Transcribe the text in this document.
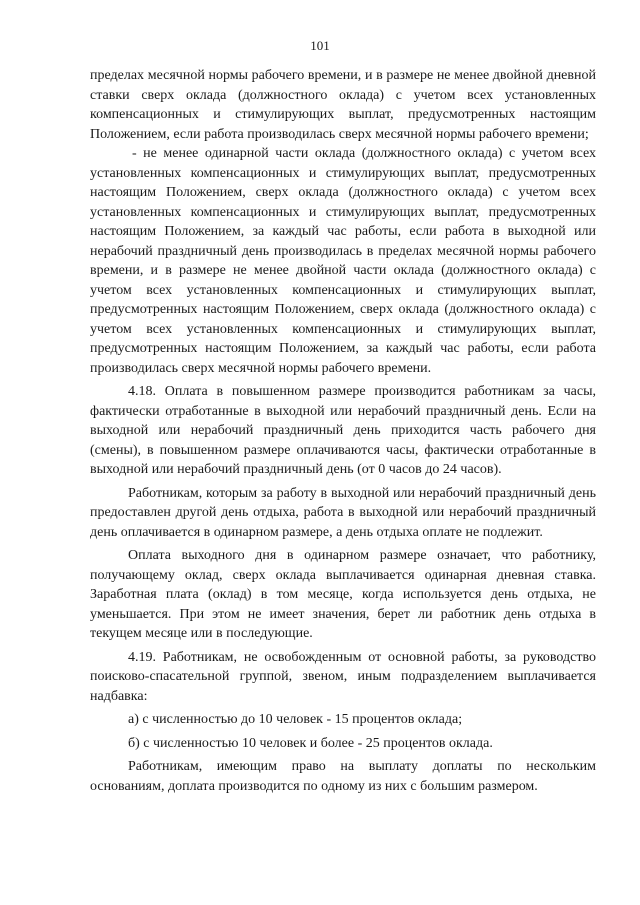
101

пределах месячной нормы рабочего времени, и в размере не менее двойной дневной ставки сверх оклада (должностного оклада) с учетом всех установленных компенсационных и стимулирующих выплат, предусмотренных настоящим Положением, если работа производилась сверх месячной нормы рабочего времени;

- не менее одинарной части оклада (должностного оклада) с учетом всех установленных компенсационных и стимулирующих выплат, предусмотренных настоящим Положением, сверх оклада (должностного оклада) с учетом всех установленных компенсационных и стимулирующих выплат, предусмотренных настоящим Положением, за каждый час работы, если работа в выходной или нерабочий праздничный день производилась в пределах месячной нормы рабочего времени, и в размере не менее двойной части оклада (должностного оклада) с учетом всех установленных компенсационных и стимулирующих выплат, предусмотренных настоящим Положением, сверх оклада (должностного оклада) с учетом всех установленных компенсационных и стимулирующих выплат, предусмотренных настоящим Положением, за каждый час работы, если работа производилась сверх месячной нормы рабочего времени.

4.18. Оплата в повышенном размере производится работникам за часы, фактически отработанные в выходной или нерабочий праздничный день. Если на выходной или нерабочий праздничный день приходится часть рабочего дня (смены), в повышенном размере оплачиваются часы, фактически отработанные в выходной или нерабочий праздничный день (от 0 часов до 24 часов).

Работникам, которым за работу в выходной или нерабочий праздничный день предоставлен другой день отдыха, работа в выходной или нерабочий праздничный день оплачивается в одинарном размере, а день отдыха оплате не подлежит.

Оплата выходного дня в одинарном размере означает, что работнику, получающему оклад, сверх оклада выплачивается одинарная дневная ставка. Заработная плата (оклад) в том месяце, когда используется день отдыха, не уменьшается. При этом не имеет значения, берет ли работник день отдыха в текущем месяце или в последующие.

4.19. Работникам, не освобожденным от основной работы, за руководство поисково-спасательной группой, звеном, иным подразделением выплачивается надбавка:

а) с численностью до 10 человек - 15 процентов оклада;

б) с численностью 10 человек и более - 25 процентов оклада.

Работникам, имеющим право на выплату доплаты по нескольким основаниям, доплата производится по одному из них с большим размером.
